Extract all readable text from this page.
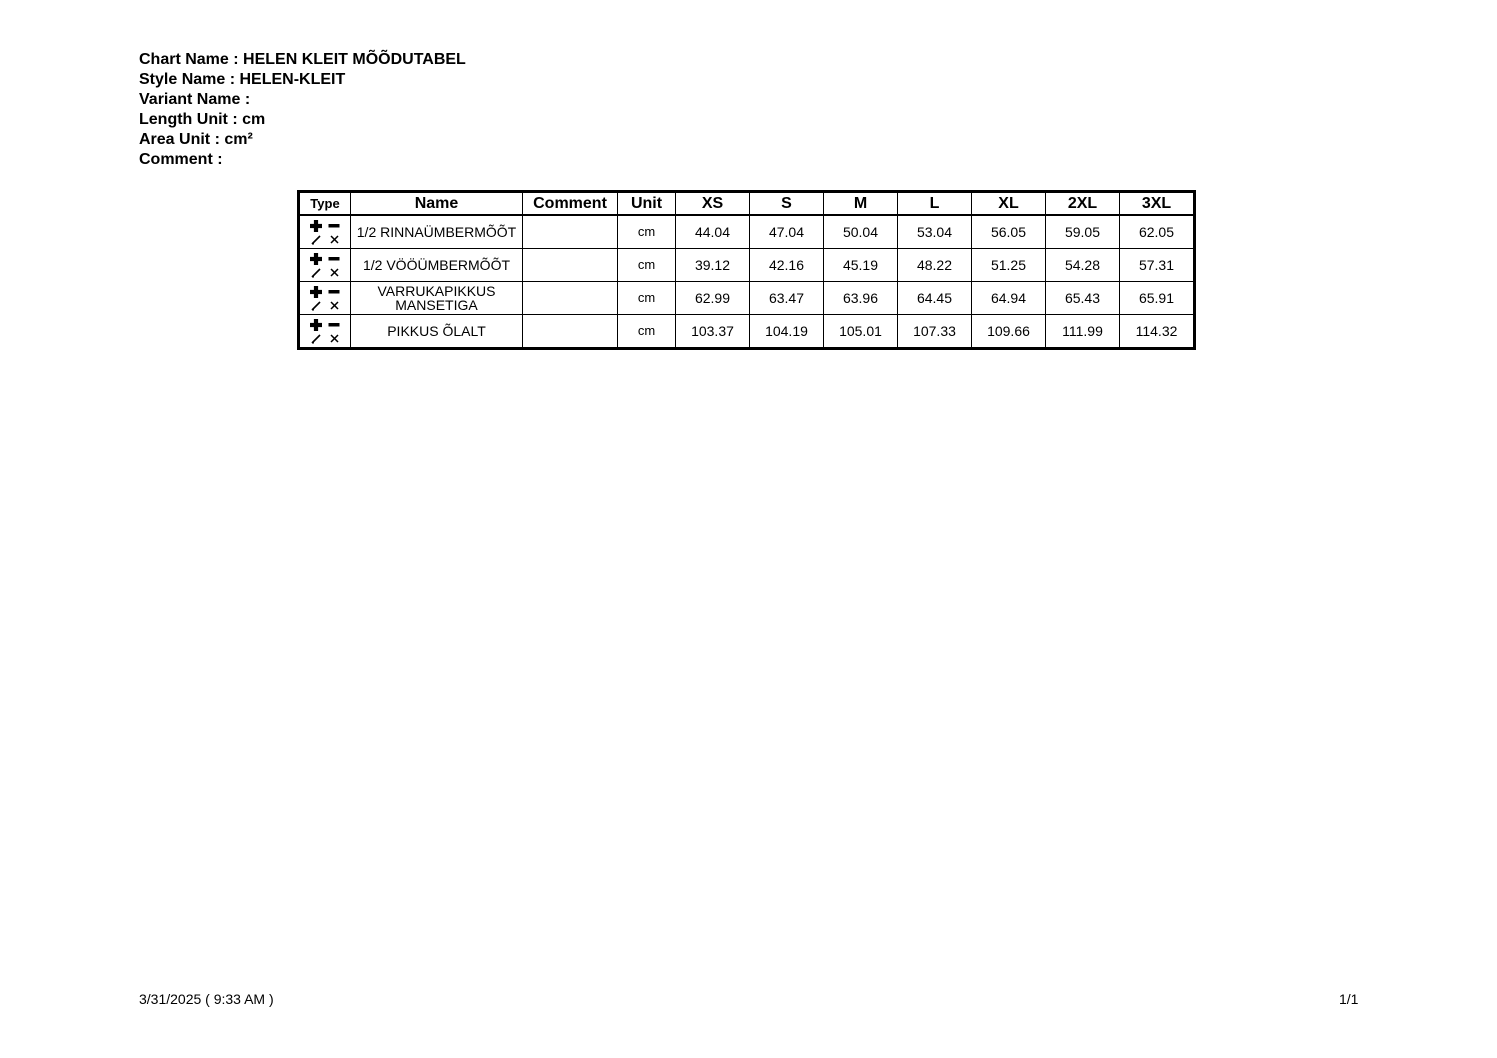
Chart Name : HELEN KLEIT MÕÕDUTABEL
Style Name : HELEN-KLEIT
Variant Name :
Length Unit : cm
Area Unit : cm²
Comment :
Type	Name	Comment	Unit	XS	S	M	L	XL	2XL	3XL

	1/2 RINNAÜMBERMÕÕT		cm	44.04	47.04	50.04	53.04	56.05	59.05	62.05

	1/2 VÖÖÜMBERMÕÕT		cm	39.12	42.16	45.19	48.22	51.25	54.28	57.31

	VARRUKAPIKKUS MANSETIGA		cm	62.99	63.47	63.96	64.45	64.94	65.43	65.91

	PIKKUS ÕLALT		cm	103.37	104.19	105.01	107.33	109.66	111.99	114.32
3/31/2025 ( 9:33 AM )	1/1
